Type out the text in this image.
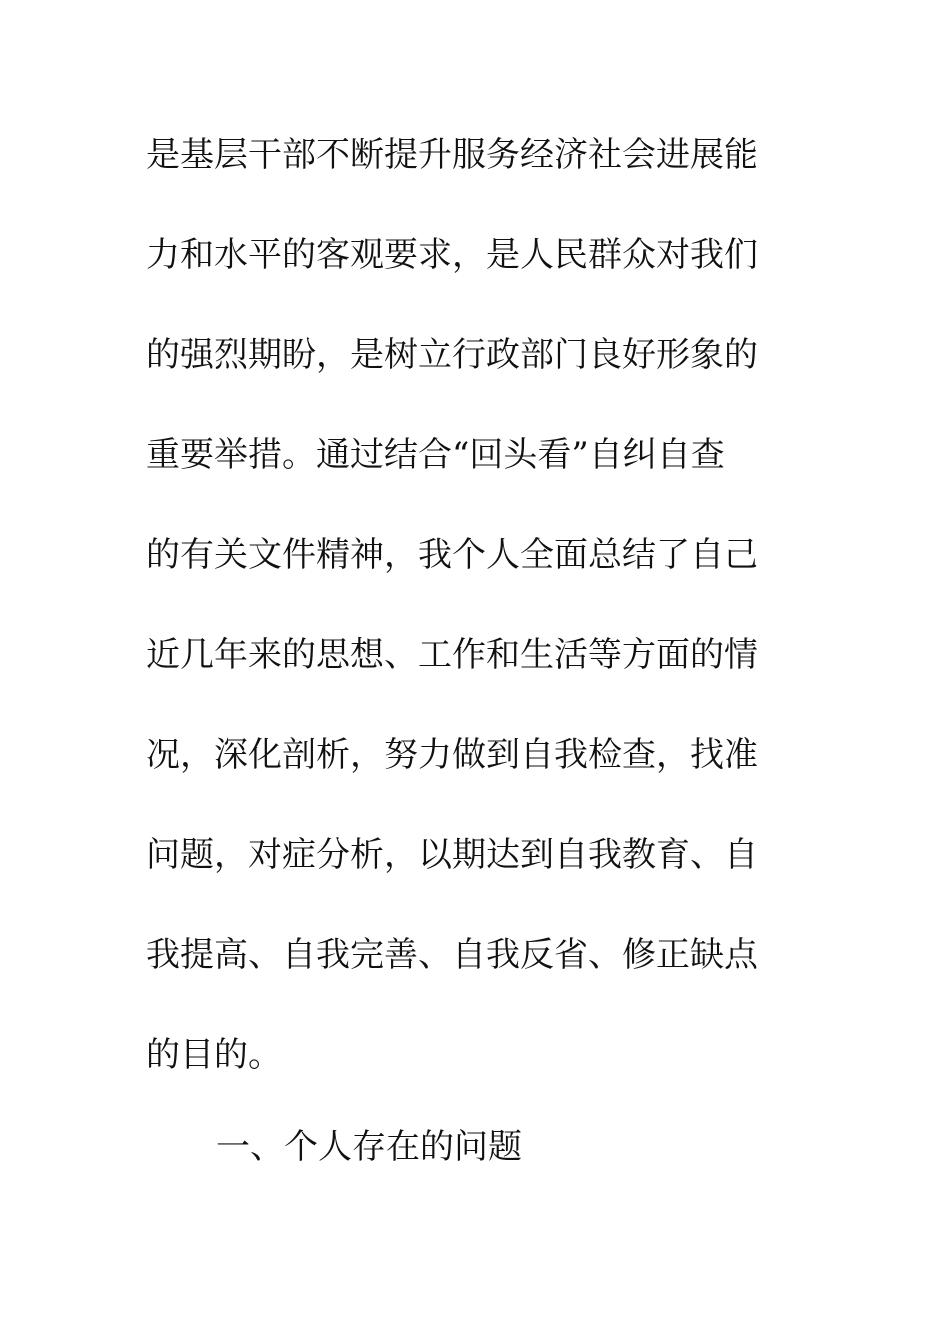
是基层干部不断提升服务经济社会进展能
力和水平的客观要求，是人民群众对我们
的强烈期盼，是树立行政部门良好形象的
重要举措。通过结合“回头看”自纠自查
的有关文件精神，我个人全面总结了自己
近几年来的思想、工作和生活等方面的情
况，深化剖析，努力做到自我检查，找准
问题，对症分析，以期达到自我教育、自
我提高、自我完善、自我反省、修正缺点
的目的。
一、个人存在的问题
